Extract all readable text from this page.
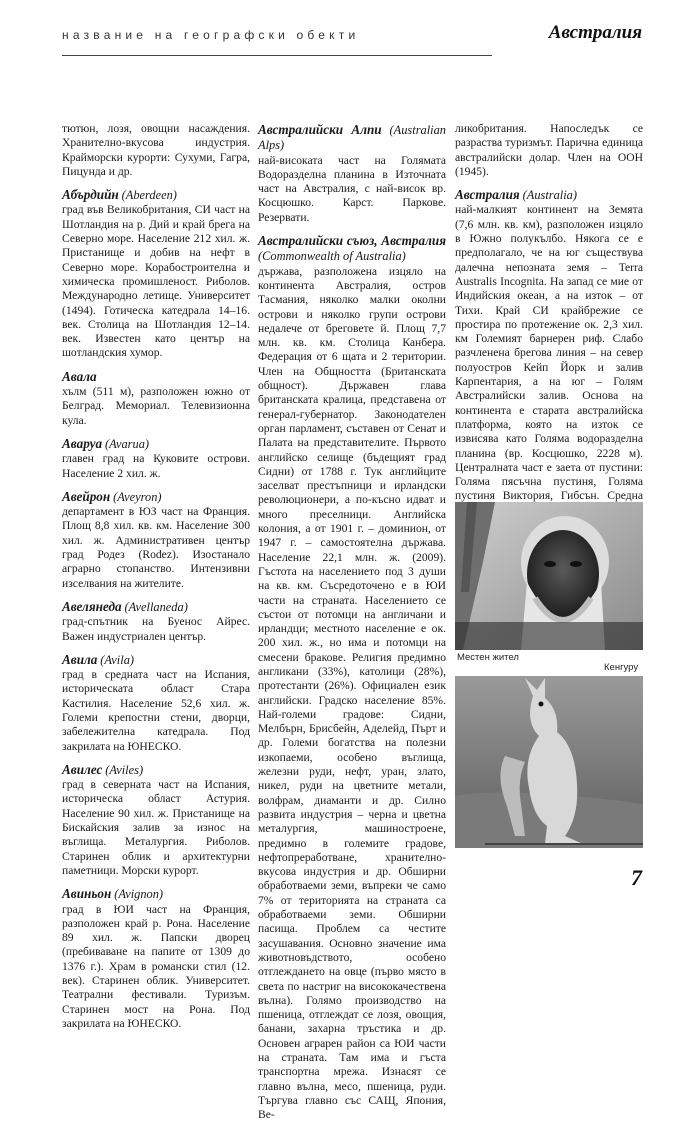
название на географски обекти	Австралия

тютюн, лозя, овощни насаждения. Хранително-вкусова индустрия. Крайморски курорти: Сухуми, Гагра, Пицунда и др.

Абърдийн (Aberdeen)

град във Великобритания, СИ част на Шотландия на р. Дий и край брега на Северно море. Население 212 хил. ж. Пристанище и добив на нефт в Северно море. Корабостроителна и химическа промишленост. Риболов. Международно летище. Университет (1494). Готическа катедрала 14–16. век. Столица на Шотландия 12–14. век. Известен като център на шотландския хумор.

Авала

хълм (511 м), разположен южно от Белград. Мемориал. Телевизионна кула.

Аваруа (Avarua)

главен град на Куковите острови. Население 2 хил. ж.

Авейрон (Aveyron)

департамент в ЮЗ част на Франция. Площ 8,8 хил. кв. км. Население 300 хил. ж. Административен център град Родез (Rodez). Изостанало аграрно стопанство. Интензивни изселвания на жителите.

Авелянеда (Avellaneda)

град-спътник на Буенос Айрес. Важен индустриален център.

Авила (Avila)

град в средната част на Испания, историческата област Стара Кастилия. Население 52,6 хил. ж. Големи крепостни стени, дворци, забележителна катедрала. Под закрилата на ЮНЕСКО.

Авилес (Aviles)

град в северната част на Испания, историческа област Астурия. Население 90 хил. ж. Пристанище на Бискайския залив за износ на въглища. Металургия. Риболов. Старинен облик и архитектурни паметници. Морски курорт.

Авиньон (Avignon)

град в ЮИ част на Франция, разположен край р. Рона. Население 89 хил. ж. Папски дворец (пребиваване на папите от 1309 до 1376 г.). Храм в романски стил (12. век). Старинен облик. Университет. Театрални фестивали. Туризъм. Старинен мост на Рона. Под закрилата на ЮНЕСКО.

Австралийски Алпи (Australian Alps)

най-високата част на Голямата Водораздeлна планина в Източната част на Австралия, с най-висок вр. Косцюшко. Карст. Паркове. Резервати.

Австралийски съюз, Австралия (Commonwealth of Australia)

държава, разположена изцяло на континента Австралия, остров Тасмания, няколко малки околни острови и няколко групи острови недалече от бреговете й. Площ 7,7 млн. кв. км. Столица Канбера. Федерация от 6 щата и 2 територии. Член на Общността (Британската общност). Държавен глава британската кралица, представена от генерал-губернатор. Законодателен орган парламент, съставен от Сенат и Палата на представителите. Първото английско селище (бъдещият град Сидни) от 1788 г. Тук английците заселват престъпници и ирландски революционери, а по-късно идват и много преселници. Английска колония, а от 1901 г. – доминион, от 1947 г. – самостоятелна държава. Население 22,1 млн. ж. (2009). Гъстота на населението под 3 души на кв. км. Съсредоточено е в ЮИ части на страната. Населението се състои от потомци на англичани и ирландци; местното население е ок. 200 хил. ж., но има и потомци на смесени бракове. Религия предимно англикани (33%), католици (28%), протестанти (26%). Официален език английски. Градско население 85%. Най-големи градове: Сидни, Мелбърн, Брисбейн, Аделейд, Пърт и др. Големи богатства на полезни изкопаеми, особено въглища, железни руди, нефт, уран, злато, никел, руди на цветните метали, волфрам, диаманти и др. Силно развита индустрия – черна и цветна металургия, машиностроене, предимно в големите градове, нефтопреработване, хранително-вкусова индустрия и др. Обширни обработваеми земи, въпреки че само 7% от територията на страната са обработваеми земи. Обширни пасища. Проблем са честите засушавания. Основно значение има животновъдството, особено отглеждането на овце (първо място в света по настриг на висококачествена вълна). Голямо производство на пшеница, отглеждат се лозя, овощия, банани, захарна тръстика и др. Основен аграрен район са ЮИ части на страната. Там има и гъста транспортна мрежа. Изнасят се главно вълна, месо, пшеница, руди. Търгува главно със САЩ, Япония, Ве-

ликобритания. Напоследък се разраства туризмът. Парична единица австралийски долар. Член на ООН (1945).

Австралия (Australia)

най-малкият континент на Земята (7,6 млн. кв. км), разположен изцяло в Южно полукълбо. Някога се е предполагало, че на юг съществува далечна непозната земя – Terra Australis Incognita. На запад се мие от Индийския океан, а на изток – от Тихи. Край СИ крайбрежие се простира по протежение ок. 2,3 хил. км Големият барнерен риф. Слабо разчленена брегова линия – на север полуостров Кейп Йорк и залив Карпентария, а на юг – Голям Австралийски залив. Основа на континента е старата австралийска платформа, която на изток се извисява като Голяма водораздeлна планина (вр. Косцюшко, 2228 м). Централната част е заета от пустини: Голяма пясъчна пустиня, Голяма пустиня Виктория, Гибсън. Средна

Местен жител
Кенгуру
7
